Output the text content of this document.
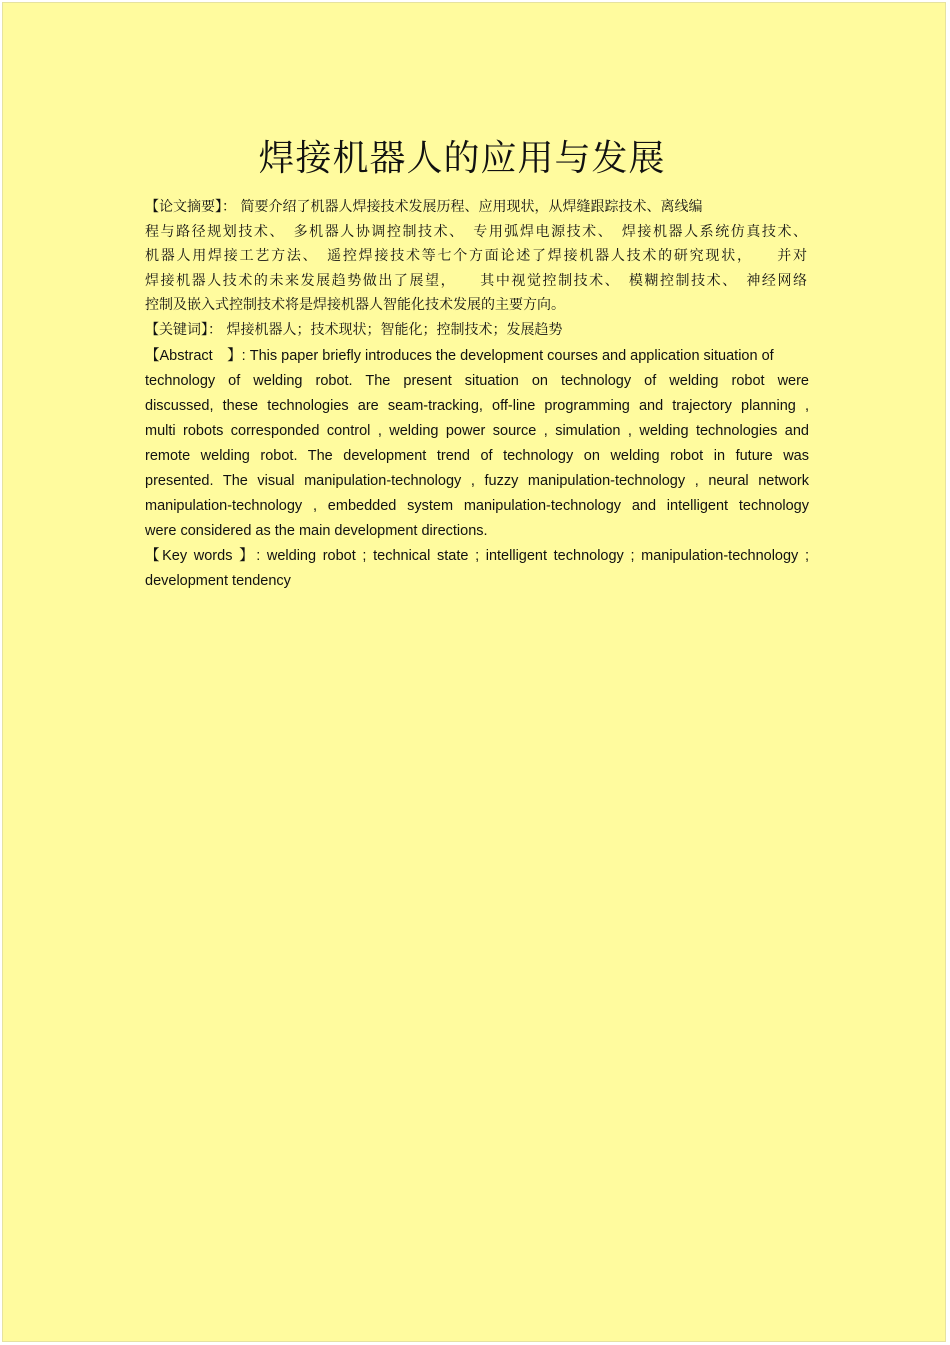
焊接机器人的应用与发展

【论文摘要】： 简要介绍了机器人焊接技术发展历程、应用现状，从焊缝跟踪技术、离线编

程与路径规划技术、　多机器人协调控制技术、　专用弧焊电源技术、　焊接机器人系统仿真技术、

机器人用焊接工艺方法、　遥控焊接技术等七个方面论述了焊接机器人技术的研究现状，　　并对

焊接机器人技术的未来发展趋势做出了展望，　　其中视觉控制技术、　模糊控制技术、　神经网络

控制及嵌入式控制技术将是焊接机器人智能化技术发展的主要方向。

【关键词】： 焊接机器人；技术现状；智能化；控制技术；发展趋势

【Abstract　】: This paper briefly introduces the development courses and application situation of

technology of welding robot. The present situation on technology of welding robot were

discussed, these technologies are seam-tracking, off-line programming and trajectory planning ,

multi robots corresponded control , welding power source , simulation , welding technologies and

remote welding robot. The development trend of technology on welding robot in future was

presented. The visual manipulation-technology , fuzzy manipulation-technology , neural network

manipulation-technology , embedded system manipulation-technology and intelligent technology

were considered as the main development directions.

【Key words 】: welding robot ; technical state ; intelligent technology ; manipulation-technology ;

development tendency
